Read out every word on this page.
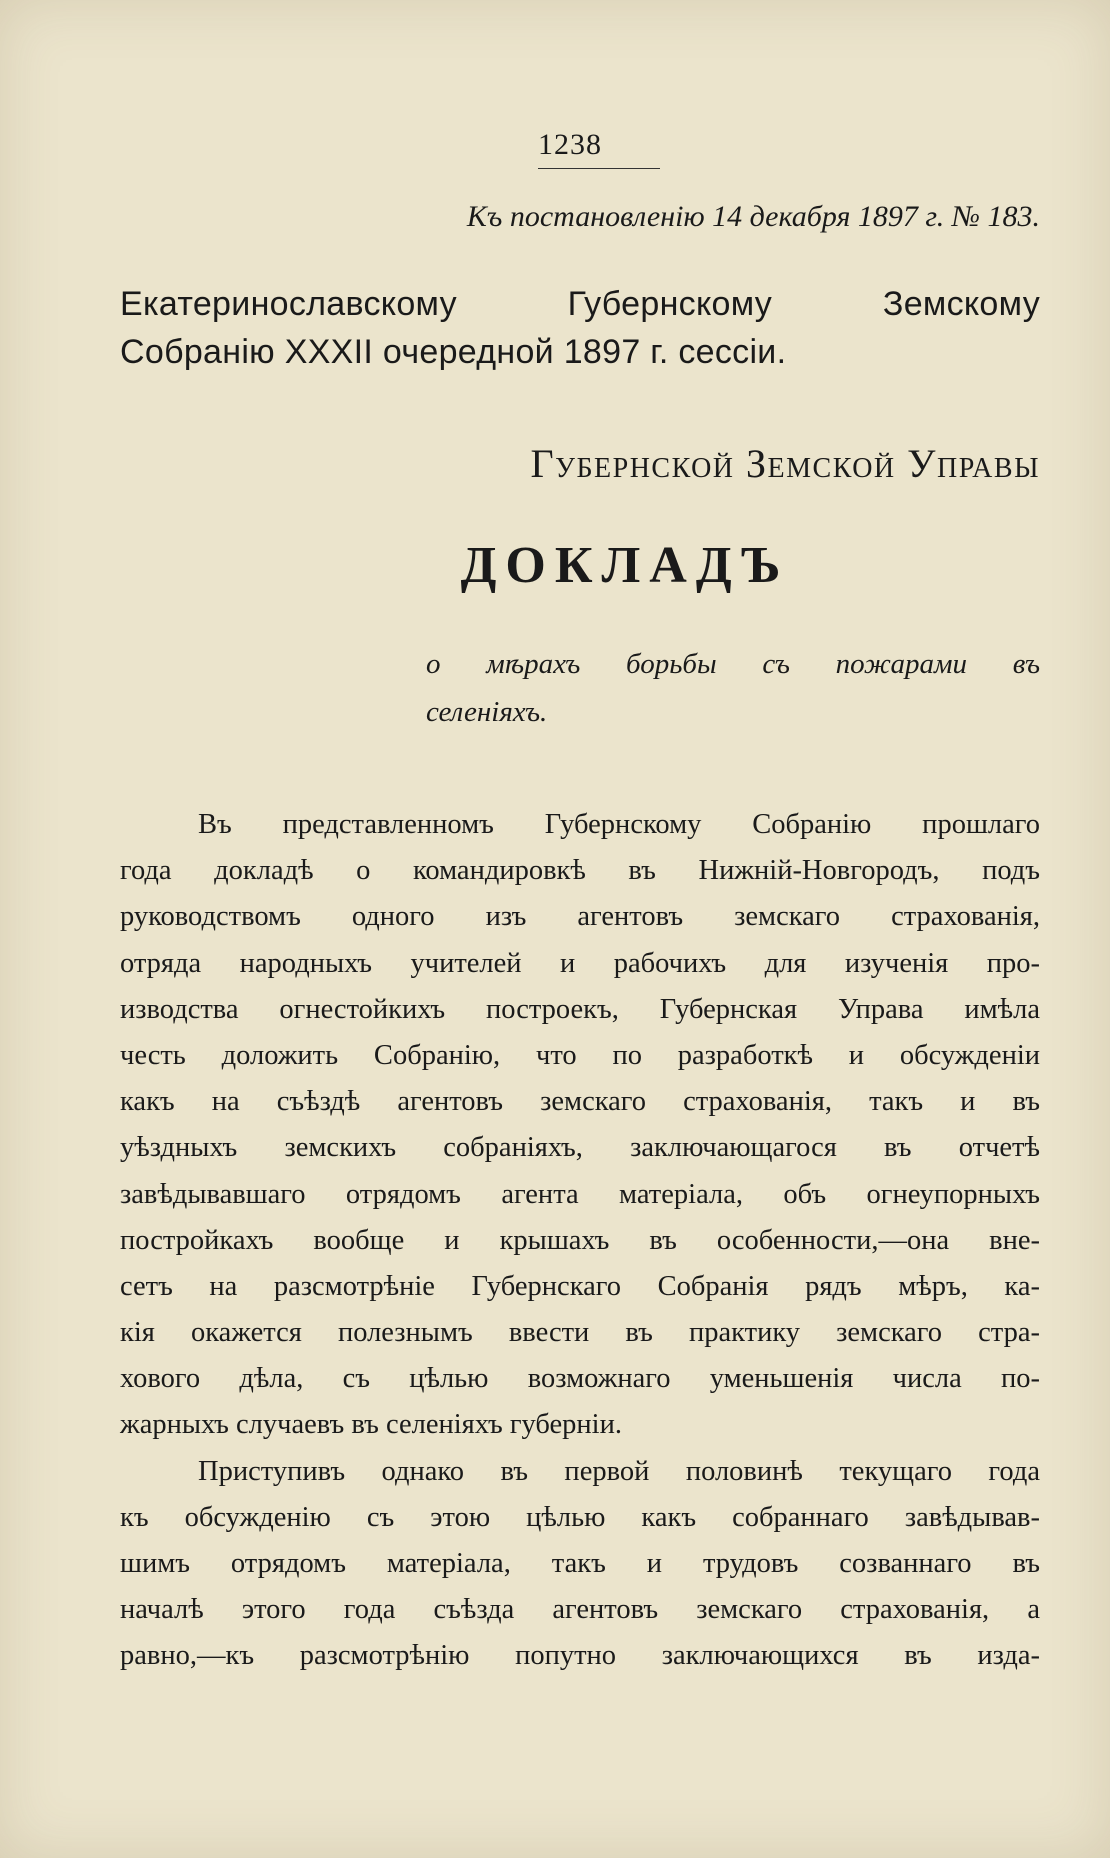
1238
Къ постановленію 14 декабря 1897 г. № 183.
Екатеринославскому Губернскому Земскому
Собранію XXXII очередной 1897 г. сессіи.
Губернской Земской Управы
ДОКЛАДЪ
о мѣрахъ борьбы съ пожарами въ
селеніяхъ.
Въ представленномъ Губернскому Собранію прошлаго
года докладѣ о командировкѣ въ Нижній-Новгородъ, подъ
руководствомъ одного изъ агентовъ земскаго страхованія,
отряда народныхъ учителей и рабочихъ для изученія про-
изводства огнестойкихъ построекъ, Губернская Управа имѣла
честь доложить Собранію, что по разработкѣ и обсужденіи
какъ на съѣздѣ агентовъ земскаго страхованія, такъ и въ
уѣздныхъ земскихъ собраніяхъ, заключающагося въ отчетѣ
завѣдывавшаго отрядомъ агента матеріала, объ огнеупорныхъ
постройкахъ вообще и крышахъ въ особенности,—она вне-
сетъ на разсмотрѣніе Губернскаго Собранія рядъ мѣръ, ка-
кія окажется полезнымъ ввести въ практику земскаго стра-
хового дѣла, съ цѣлью возможнаго уменьшенія числа по-
жарныхъ случаевъ въ селеніяхъ губерніи.
Приступивъ однако въ первой половинѣ текущаго года
къ обсужденію съ этою цѣлью какъ собраннаго завѣдывав-
шимъ отрядомъ матеріала, такъ и трудовъ созваннаго въ
началѣ этого года съѣзда агентовъ земскаго страхованія, а
равно,—къ разсмотрѣнію попутно заключающихся въ изда-
